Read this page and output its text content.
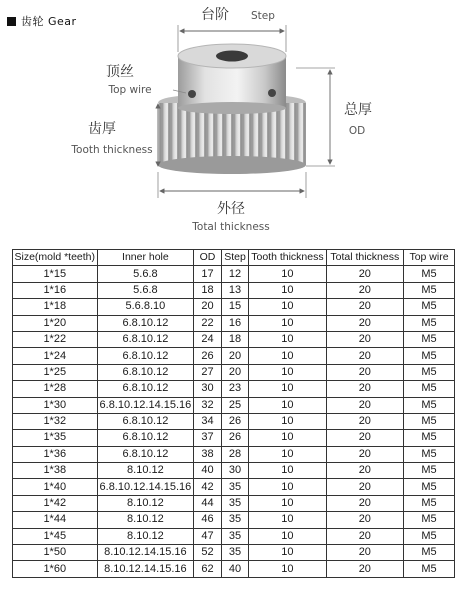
齿轮 Gear	台阶 Step
顶丝
Top wire
齿厚
Tooth thickness
总厚
OD
外径
Total thickness
Size(mold *teeth)	Inner hole	OD	Step	Tooth thickness	Total thickness	Top wire
1*15	5.6.8	17	12	10	20	M5
1*16	5.6.8	18	13	10	20	M5
1*18	5.6.8.10	20	15	10	20	M5
1*20	6.8.10.12	22	16	10	20	M5
1*22	6.8.10.12	24	18	10	20	M5
1*24	6.8.10.12	26	20	10	20	M5
1*25	6.8.10.12	27	20	10	20	M5
1*28	6.8.10.12	30	23	10	20	M5
1*30	6.8.10.12.14.15.16	32	25	10	20	M5
1*32	6.8.10.12	34	26	10	20	M5
1*35	6.8.10.12	37	26	10	20	M5
1*36	6.8.10.12	38	28	10	20	M5
1*38	8.10.12	40	30	10	20	M5
1*40	6.8.10.12.14.15.16	42	35	10	20	M5
1*42	8.10.12	44	35	10	20	M5
1*44	8.10.12	46	35	10	20	M5
1*45	8.10.12	47	35	10	20	M5
1*50	8.10.12.14.15.16	52	35	10	20	M5
1*60	8.10.12.14.15.16	62	40	10	20	M5
